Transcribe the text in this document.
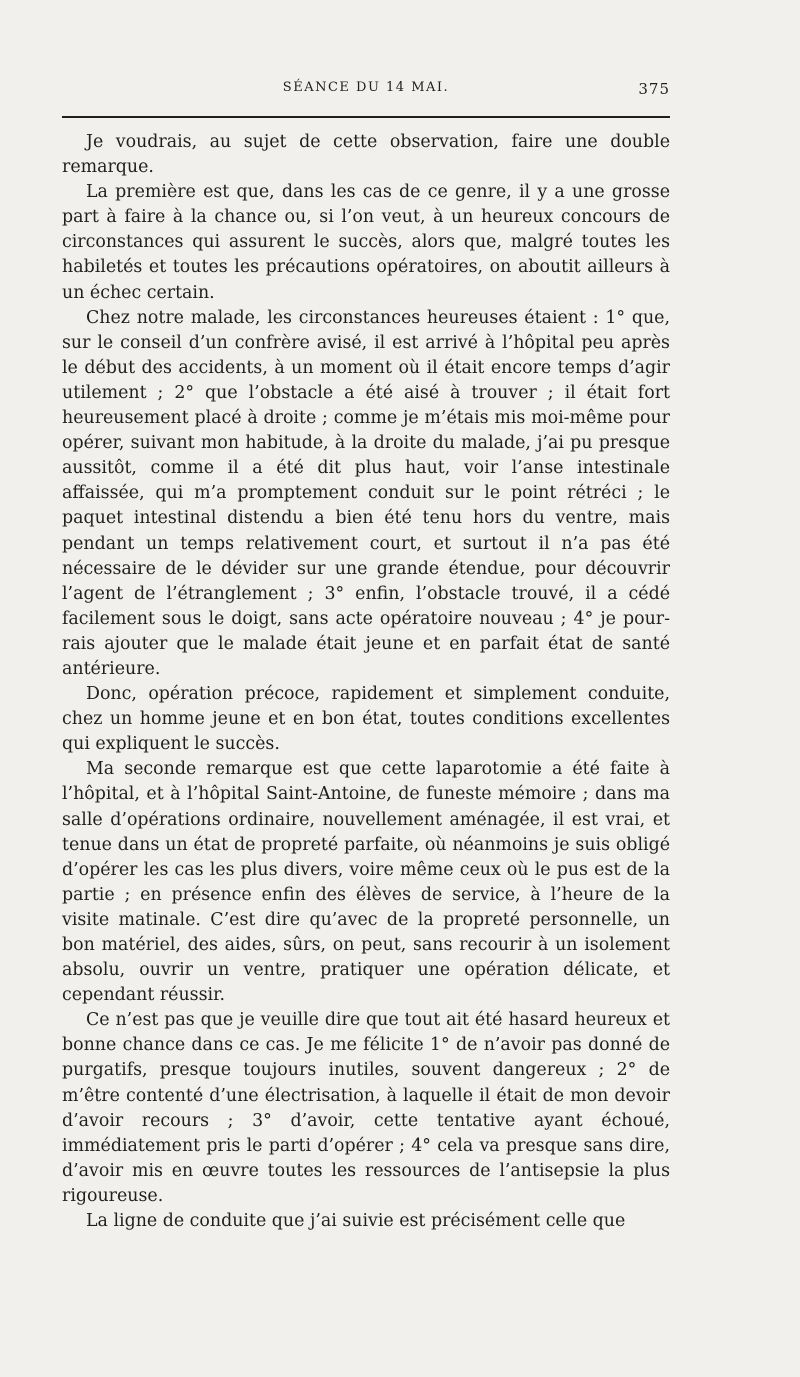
SÉANCE DU 14 MAI.	375

Je voudrais, au sujet de cette observation, faire une double remarque.

La première est que, dans les cas de ce genre, il y a une grosse part à faire à la chance ou, si l’on veut, à un heureux concours de circonstances qui assurent le succès, alors que, malgré toutes les habiletés et toutes les précautions opératoires, on aboutit ailleurs à un échec certain.

Chez notre malade, les circonstances heureuses étaient : 1° que, sur le conseil d’un confrère avisé, il est arrivé à l’hôpital peu après le début des accidents, à un moment où il était encore temps d’agir utilement ; 2° que l’obstacle a été aisé à trouver ; il était fort heureusement placé à droite ; comme je m’étais mis moi-même pour opérer, suivant mon habitude, à la droite du malade, j’ai pu presque aussitôt, comme il a été dit plus haut, voir l’anse intestinale affaissée, qui m’a promptement conduit sur le point rétréci ; le paquet intestinal distendu a bien été tenu hors du ventre, mais pendant un temps relativement court, et surtout il n’a pas été nécessaire de le dévider sur une grande étendue, pour découvrir l’agent de l’étranglement ; 3° enfin, l’obstacle trouvé, il a cédé facilement sous le doigt, sans acte opératoire nouveau ; 4° je pourrais ajouter que le malade était jeune et en parfait état de santé antérieure.

Donc, opération précoce, rapidement et simplement conduite, chez un homme jeune et en bon état, toutes conditions excellentes qui expliquent le succès.

Ma seconde remarque est que cette laparotomie a été faite à l’hôpital, et à l’hôpital Saint-Antoine, de funeste mémoire ; dans ma salle d’opérations ordinaire, nouvellement aménagée, il est vrai, et tenue dans un état de propreté parfaite, où néanmoins je suis obligé d’opérer les cas les plus divers, voire même ceux où le pus est de la partie ; en présence enfin des élèves de service, à l’heure de la visite matinale. C’est dire qu’avec de la propreté personnelle, un bon matériel, des aides, sûrs, on peut, sans recourir à un isolement absolu, ouvrir un ventre, pratiquer une opération délicate, et cependant réussir.

Ce n’est pas que je veuille dire que tout ait été hasard heureux et bonne chance dans ce cas. Je me félicite 1° de n’avoir pas donné de purgatifs, presque toujours inutiles, souvent dangereux ; 2° de m’être contenté d’une électrisation, à laquelle il était de mon devoir d’avoir recours ; 3° d’avoir, cette tentative ayant échoué, immédiatement pris le parti d’opérer ; 4° cela va presque sans dire, d’avoir mis en œuvre toutes les ressources de l’antisepsie la plus rigoureuse.

La ligne de conduite que j’ai suivie est précisément celle que
